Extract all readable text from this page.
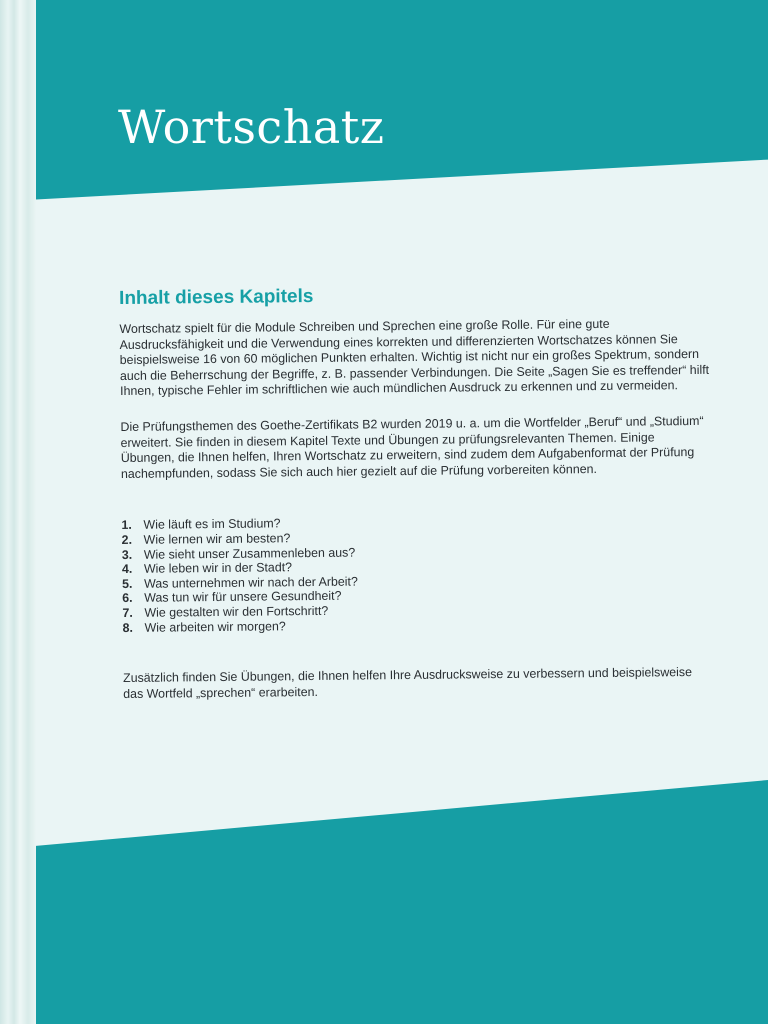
Wortschatz
Inhalt dieses Kapitels

Wortschatz spielt für die Module Schreiben und Sprechen eine große Rolle. Für eine gute Ausdrucksfähigkeit und die Verwendung eines korrekten und differenzierten Wortschatzes können Sie beispielsweise 16 von 60 möglichen Punkten erhalten. Wichtig ist nicht nur ein großes Spektrum, sondern auch die Beherrschung der Begriffe, z. B. passender Verbindungen. Die Seite „Sagen Sie es treffender“ hilft Ihnen, typische Fehler im schriftlichen wie auch mündlichen Ausdruck zu erkennen und zu vermeiden.

Die Prüfungsthemen des Goethe-Zertifikats B2 wurden 2019 u. a. um die Wortfelder „Beruf“ und „Studium“ erweitert. Sie finden in diesem Kapitel Texte und Übungen zu prüfungsrelevanten Themen. Einige Übungen, die Ihnen helfen, Ihren Wortschatz zu erweitern, sind zudem dem Aufgabenformat der Prüfung nachempfunden, sodass Sie sich auch hier gezielt auf die Prüfung vorbereiten können.

1. Wie läuft es im Studium?
2. Wie lernen wir am besten?
3. Wie sieht unser Zusammenleben aus?
4. Wie leben wir in der Stadt?
5. Was unternehmen wir nach der Arbeit?
6. Was tun wir für unsere Gesundheit?
7. Wie gestalten wir den Fortschritt?
8. Wie arbeiten wir morgen?

Zusätzlich finden Sie Übungen, die Ihnen helfen Ihre Ausdrucksweise zu verbessern und beispielsweise das Wortfeld „sprechen“ erarbeiten.
